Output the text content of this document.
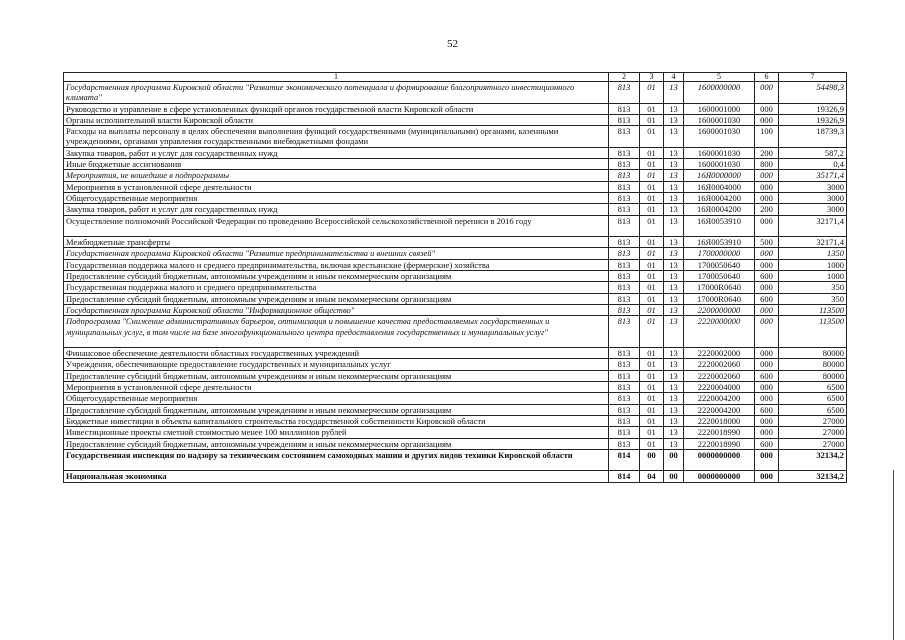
52
1	2	3	4	5	6	7
Государственная программа Кировской области "Развитие экономического потенциала и формирование благоприятного инвестиционного климата"	813	01	13	1600000000	000	54498,3
Руководство и управление в сфере установленных функций органов государственной власти Кировской области	813	01	13	1600001000	000	19326,9
Органы исполнительной власти Кировской области	813	01	13	1600001030	000	19326,9
Расходы на выплаты персоналу в целях обеспечения выполнения функций государственными (муниципальными) органами, казенными учреждениями, органами управления государственными внебюджетными фондами	813	01	13	1600001030	100	18739,3
Закупка товаров, работ и услуг для государственных нужд	813	01	13	1600001030	200	587,2
Иные бюджетные ассигнования	813	01	13	1600001030	800	0,4
Мероприятия, не вошедшие в подпрограммы	813	01	13	16Я0000000	000	35171,4
Мероприятия в установленной сфере деятельности	813	01	13	16Я0004000	000	3000
Общегосударственные мероприятия	813	01	13	16Я0004200	000	3000
Закупка товаров, работ и услуг для государственных нужд	813	01	13	16Я0004200	200	3000
Осуществление полномочий Российской Федерации по проведению Всероссийской сельскохозяйственной переписи в 2016 году	813	01	13	16Я0053910	000	32171,4
Межбюджетные трансферты	813	01	13	16Я0053910	500	32171,4
Государственная программа Кировской области "Развитие предпринимательства и внешних связей"	813	01	13	1700000000	000	1350
Государственная поддержка малого и среднего предпринимательства, включая крестьянские (фермерские) хозяйства	813	01	13	1700050640	000	1000
Предоставление субсидий бюджетным, автономным учреждениям и иным некоммерческим организациям	813	01	13	1700050640	600	1000
Государственная поддержка малого и среднего предпринимательства	813	01	13	17000R0640	000	350
Предоставление субсидий бюджетным, автономным учреждениям и иным некоммерческим организациям	813	01	13	17000R0640	600	350
Государственная программа Кировской области "Информационное общество"	813	01	13	2200000000	000	113500
Подпрограмма "Снижение административных барьеров, оптимизация и повышение качества предоставляемых государственных и муниципальных услуг, в том числе на базе многофункционального центра предоставления государственных и муниципальных услуг"	813	01	13	2220000000	000	113500
Финансовое обеспечение деятельности областных государственных учреждений	813	01	13	2220002000	000	80000
Учреждения, обеспечивающие предоставление государственных и муниципальных услуг	813	01	13	2220002060	000	80000
Предоставление субсидий бюджетным, автономным учреждениям и иным некоммерческим организациям	813	01	13	2220002060	600	80000
Мероприятия в установленной сфере деятельности	813	01	13	2220004000	000	6500
Общегосударственные мероприятия	813	01	13	2220004200	000	6500
Предоставление субсидий бюджетным, автономным учреждениям и иным некоммерческим организациям	813	01	13	2220004200	600	6500
Бюджетные инвестиции в объекты капитального строительства государственной собственности Кировской области	813	01	13	2220018000	000	27000
Инвестиционные проекты сметной стоимостью менее 100 миллионов рублей	813	01	13	2220018990	000	27000
Предоставление субсидий бюджетным, автономным учреждениям и иным некоммерческим организациям	813	01	13	2220018990	600	27000
Государственная инспекция по надзору за техническим состоянием самоходных машин и других видов техники Кировской области	814	00	00	0000000000	000	32134,2
Национальная экономика	814	04	00	0000000000	000	32134,2
